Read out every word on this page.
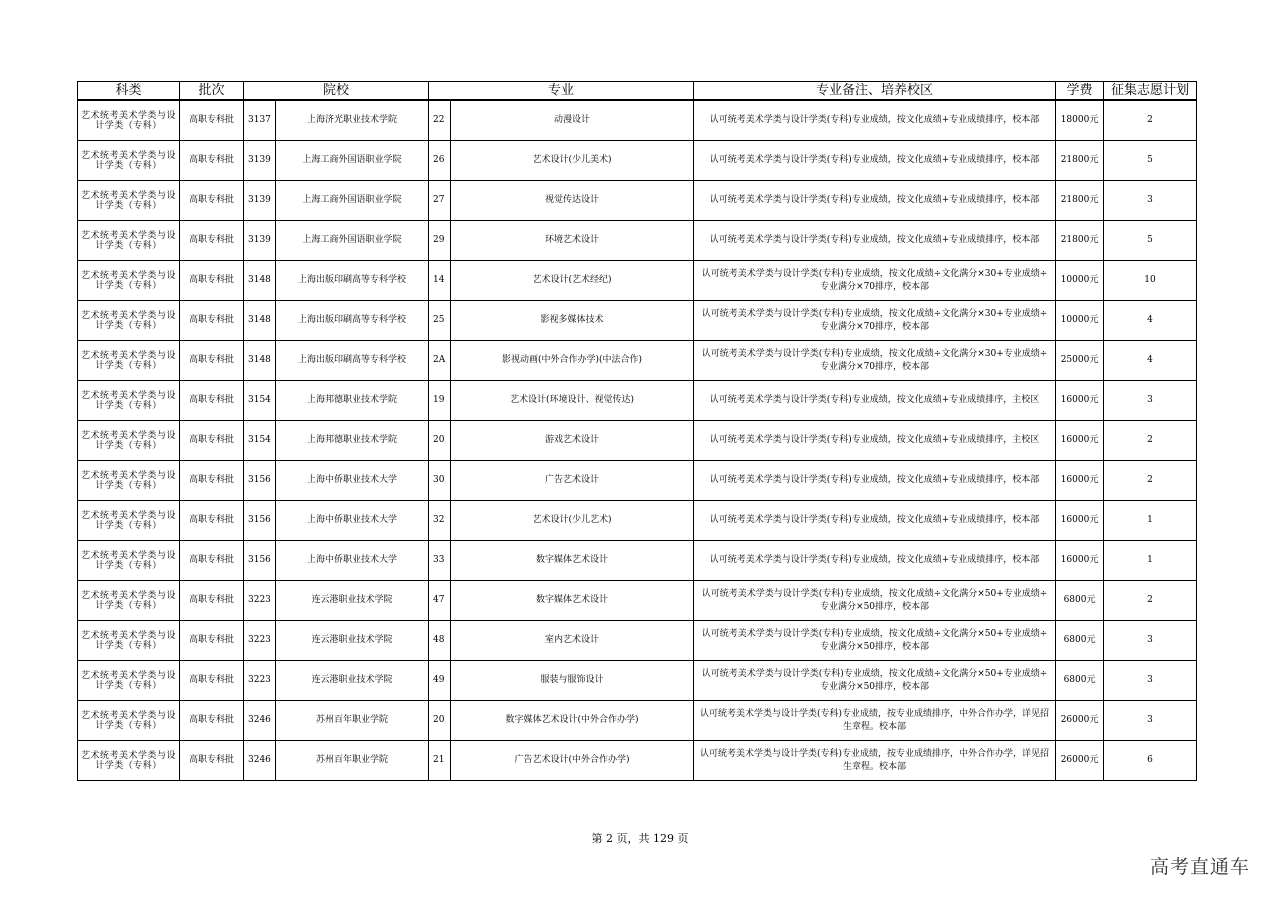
科类	批次	院校		专业		专业备注、培养校区	学费	征集志愿计划
艺术统考美术学类与设计学类（专科）	高职专科批	3137	上海济光职业技术学院	22	动漫设计	认可统考美术学类与设计学类(专科)专业成绩，按文化成绩+专业成绩排序，校本部	18000元	2
艺术统考美术学类与设计学类（专科）	高职专科批	3139	上海工商外国语职业学院	26	艺术设计(少儿美术)	认可统考美术学类与设计学类(专科)专业成绩，按文化成绩+专业成绩排序，校本部	21800元	5
艺术统考美术学类与设计学类（专科）	高职专科批	3139	上海工商外国语职业学院	27	视觉传达设计	认可统考美术学类与设计学类(专科)专业成绩，按文化成绩+专业成绩排序，校本部	21800元	3
艺术统考美术学类与设计学类（专科）	高职专科批	3139	上海工商外国语职业学院	29	环境艺术设计	认可统考美术学类与设计学类(专科)专业成绩，按文化成绩+专业成绩排序，校本部	21800元	5
艺术统考美术学类与设计学类（专科）	高职专科批	3148	上海出版印刷高等专科学校	14	艺术设计(艺术经纪)	认可统考美术学类与设计学类(专科)专业成绩，按文化成绩÷文化满分×30+专业成绩÷专业满分×70排序，校本部	10000元	10
艺术统考美术学类与设计学类（专科）	高职专科批	3148	上海出版印刷高等专科学校	25	影视多媒体技术	认可统考美术学类与设计学类(专科)专业成绩，按文化成绩÷文化满分×30+专业成绩÷专业满分×70排序，校本部	10000元	4
艺术统考美术学类与设计学类（专科）	高职专科批	3148	上海出版印刷高等专科学校	2A	影视动画(中外合作办学)(中法合作)	认可统考美术学类与设计学类(专科)专业成绩，按文化成绩÷文化满分×30+专业成绩÷专业满分×70排序，校本部	25000元	4
艺术统考美术学类与设计学类（专科）	高职专科批	3154	上海邦德职业技术学院	19	艺术设计(环境设计、视觉传达)	认可统考美术学类与设计学类(专科)专业成绩，按文化成绩+专业成绩排序，主校区	16000元	3
艺术统考美术学类与设计学类（专科）	高职专科批	3154	上海邦德职业技术学院	20	游戏艺术设计	认可统考美术学类与设计学类(专科)专业成绩，按文化成绩+专业成绩排序，主校区	16000元	2
艺术统考美术学类与设计学类（专科）	高职专科批	3156	上海中侨职业技术大学	30	广告艺术设计	认可统考美术学类与设计学类(专科)专业成绩，按文化成绩+专业成绩排序，校本部	16000元	2
艺术统考美术学类与设计学类（专科）	高职专科批	3156	上海中侨职业技术大学	32	艺术设计(少儿艺术)	认可统考美术学类与设计学类(专科)专业成绩，按文化成绩+专业成绩排序，校本部	16000元	1
艺术统考美术学类与设计学类（专科）	高职专科批	3156	上海中侨职业技术大学	33	数字媒体艺术设计	认可统考美术学类与设计学类(专科)专业成绩，按文化成绩+专业成绩排序，校本部	16000元	1
艺术统考美术学类与设计学类（专科）	高职专科批	3223	连云港职业技术学院	47	数字媒体艺术设计	认可统考美术学类与设计学类(专科)专业成绩，按文化成绩÷文化满分×50+专业成绩÷专业满分×50排序，校本部	6800元	2
艺术统考美术学类与设计学类（专科）	高职专科批	3223	连云港职业技术学院	48	室内艺术设计	认可统考美术学类与设计学类(专科)专业成绩，按文化成绩÷文化满分×50+专业成绩÷专业满分×50排序，校本部	6800元	3
艺术统考美术学类与设计学类（专科）	高职专科批	3223	连云港职业技术学院	49	服装与服饰设计	认可统考美术学类与设计学类(专科)专业成绩，按文化成绩÷文化满分×50+专业成绩÷专业满分×50排序，校本部	6800元	3
艺术统考美术学类与设计学类（专科）	高职专科批	3246	苏州百年职业学院	20	数字媒体艺术设计(中外合作办学)	认可统考美术学类与设计学类(专科)专业成绩，按专业成绩排序，中外合作办学，详见招生章程。校本部	26000元	3
艺术统考美术学类与设计学类（专科）	高职专科批	3246	苏州百年职业学院	21	广告艺术设计(中外合作办学)	认可统考美术学类与设计学类(专科)专业成绩，按专业成绩排序，中外合作办学，详见招生章程。校本部	26000元	6
第 2 页，共 129 页
高考直通车
